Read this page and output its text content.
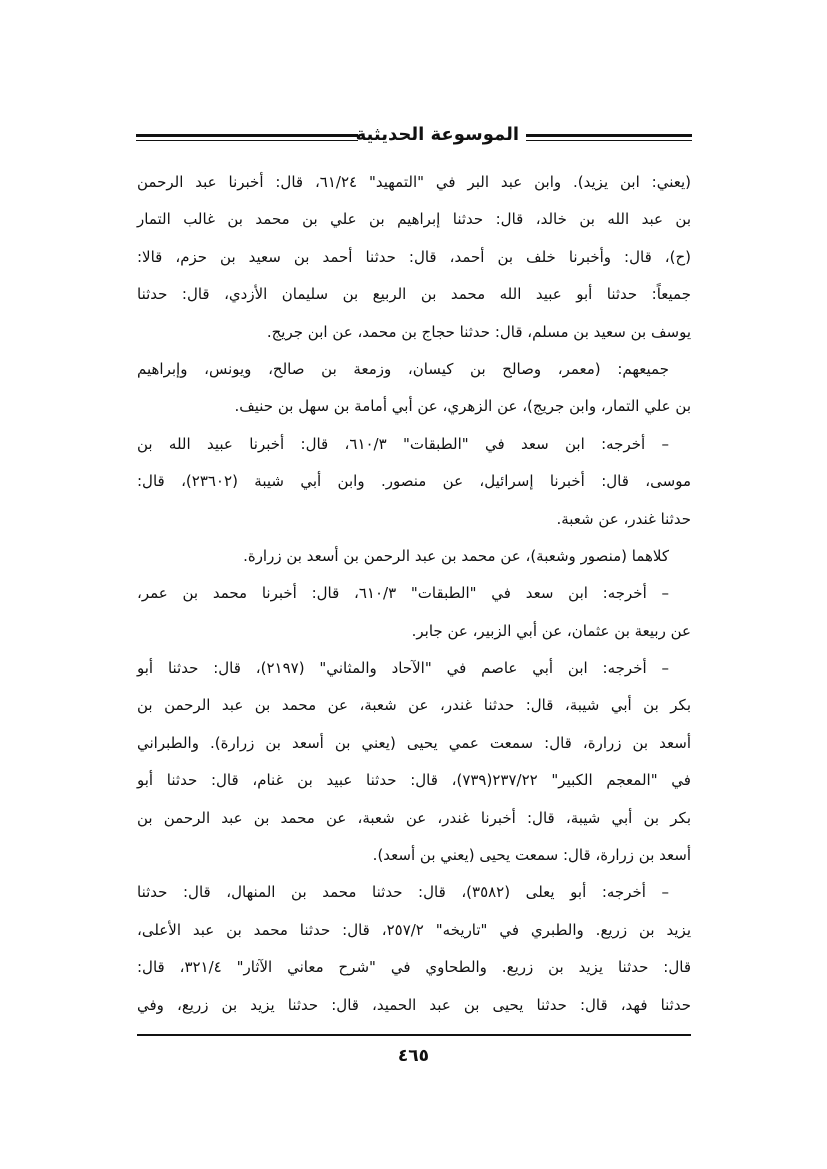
الموسوعة الحديثية
(يعني: ابن يزيد). وابن عبد البر في "التمهيد" ٦١/٢٤، قال: أخبرنا عبد الرحمن
بن عبد الله بن خالد، قال: حدثنا إبراهيم بن علي بن محمد بن غالب التمار
(ح)، قال: وأخبرنا خلف بن أحمد، قال: حدثنا أحمد بن سعيد بن حزم، قالا:
جميعاً: حدثنا أبو عبيد الله محمد بن الربيع بن سليمان الأزدي، قال: حدثنا
يوسف بن سعيد بن مسلم، قال: حدثنا حجاج بن محمد، عن ابن جريج.
جميعهم: (معمر، وصالح بن كيسان، وزمعة بن صالح، ويونس، وإبراهيم
بن علي التمار، وابن جريج)، عن الزهري، عن أبي أمامة بن سهل بن حنيف.
– أخرجه: ابن سعد في "الطبقات" ٦١٠/٣، قال: أخبرنا عبيد الله بن
موسى، قال: أخبرنا إسرائيل، عن منصور. وابن أبي شيبة (٢٣٦٠٢)، قال:
حدثنا غندر، عن شعبة.
كلاهما (منصور وشعبة)، عن محمد بن عبد الرحمن بن أسعد بن زرارة.
– أخرجه: ابن سعد في "الطبقات" ٦١٠/٣، قال: أخبرنا محمد بن عمر،
عن ربيعة بن عثمان، عن أبي الزبير، عن جابر.
– أخرجه: ابن أبي عاصم في "الآحاد والمثاني" (٢١٩٧)، قال: حدثنا أبو
بكر بن أبي شيبة، قال: حدثنا غندر، عن شعبة، عن محمد بن عبد الرحمن بن
أسعد بن زرارة، قال: سمعت عمي يحيى (يعني بن أسعد بن زرارة). والطبراني
في "المعجم الكبير" ٢٣٧/٢٢(٧٣٩)، قال: حدثنا عبيد بن غنام، قال: حدثنا أبو
بكر بن أبي شيبة، قال: أخبرنا غندر، عن شعبة، عن محمد بن عبد الرحمن بن
أسعد بن زرارة، قال: سمعت يحيى (يعني بن أسعد).
– أخرجه: أبو يعلى (٣٥٨٢)، قال: حدثنا محمد بن المنهال، قال: حدثنا
يزيد بن زريع. والطبري في "تاريخه" ٢٥٧/٢، قال: حدثنا محمد بن عبد الأعلى،
قال: حدثنا يزيد بن زريع. والطحاوي في "شرح معاني الآثار" ٣٢١/٤، قال:
حدثنا فهد، قال: حدثنا يحيى بن عبد الحميد، قال: حدثنا يزيد بن زريع، وفي
٤٦٥
